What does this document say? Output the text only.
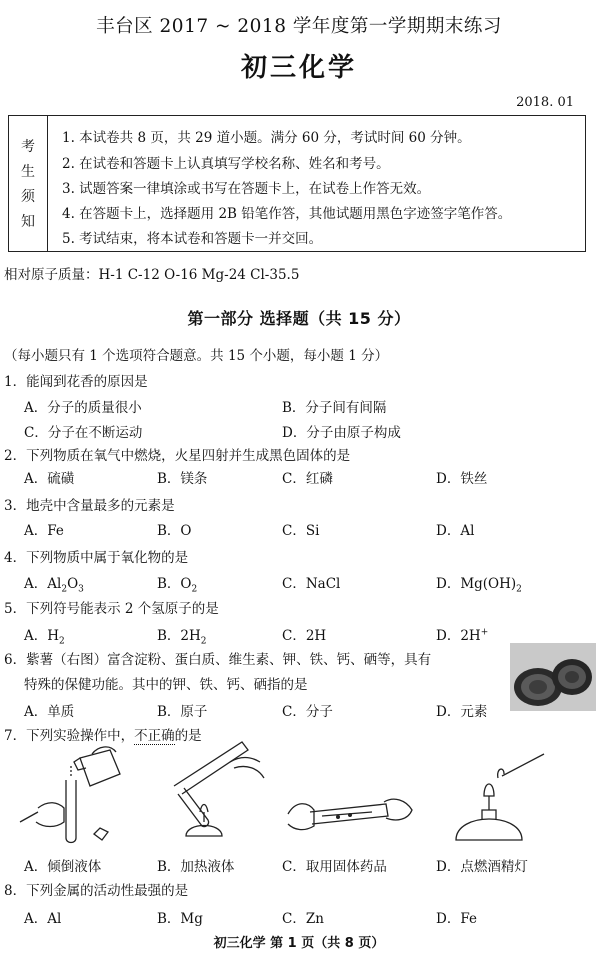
丰台区 2017 ~ 2018 学年度第一学期期末练习
初三化学
2018. 01
考
生
须
知
1. 本试卷共 8 页，共 29 道小题。满分 60 分，考试时间 60 分钟。
2. 在试卷和答题卡上认真填写学校名称、姓名和考号。
3. 试题答案一律填涂或书写在答题卡上，在试卷上作答无效。
4. 在答题卡上，选择题用 2B 铅笔作答，其他试题用黑色字迹签字笔作答。
5. 考试结束，将本试卷和答题卡一并交回。
相对原子质量：H-1 C-12 O-16 Mg-24 Cl-35.5
第一部分 选择题（共 15 分）
（每小题只有 1 个选项符合题意。共 15 个小题，每小题 1 分）
1．能闻到花香的原因是
A．分子的质量很小	B．分子间有间隔
C．分子在不断运动	D．分子由原子构成
2．下列物质在氧气中燃烧，火星四射并生成黑色固体的是
A．硫磺	B．镁条	C．红磷	D．铁丝
3．地壳中含量最多的元素是
A．Fe	B．O	C．Si	D．Al
4．下列物质中属于氧化物的是
A．$Al_2O_3$	B．$O_2$	C．NaCl	D．$Mg(OH)_2$
5．下列符号能表示 2 个氢原子的是
A．$H_2$	B．$2H_2$	C．2H	D．2H+
6．紫薯（右图）富含淀粉、蛋白质、维生素、钾、铁、钙、硒等，具有
特殊的保健功能。其中的钾、铁、钙、硒指的是
A．单质	B．原子	C．分子	D．元素
7．下列实验操作中，不正确的是
A．倾倒液体	B．加热液体	C．取用固体药品	D．点燃酒精灯
8．下列金属的活动性最强的是
A．Al	B．Mg	C．Zn	D．Fe
初三化学 第 1 页（共 8 页）
